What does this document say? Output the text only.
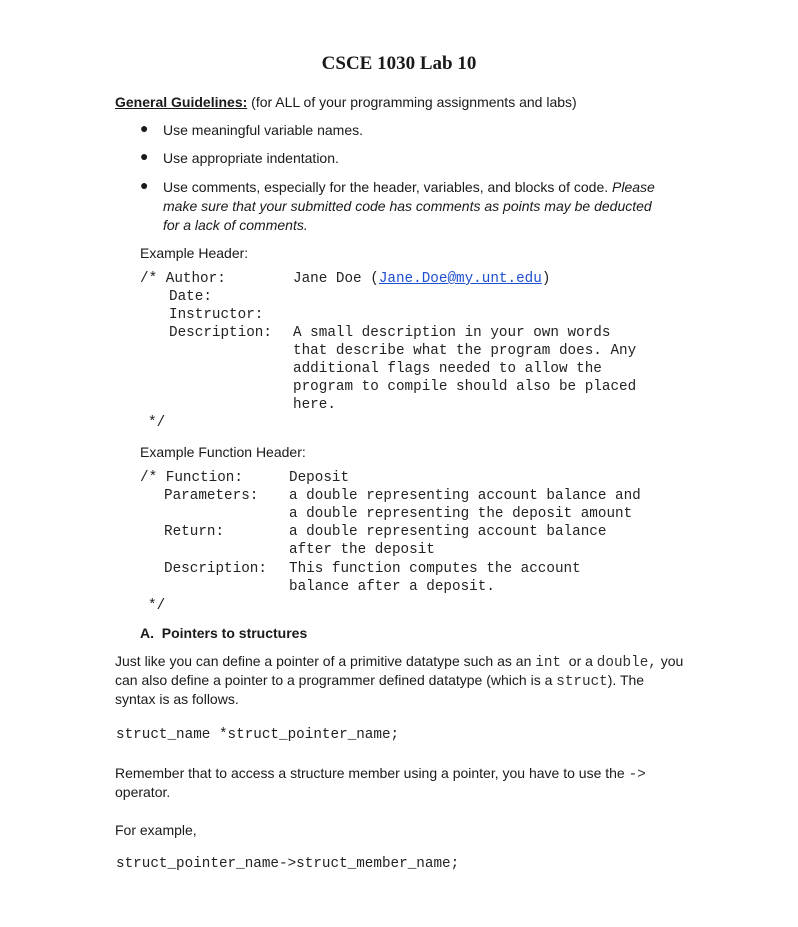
CSCE 1030 Lab 10
General Guidelines: (for ALL of your programming assignments and labs)
● Use meaningful variable names.
● Use appropriate indentation.
● Use comments, especially for the header, variables, and blocks of code. Please
make sure that your submitted code has comments as points may be deducted
for a lack of comments.
Example Header:
/* Author:	Jane Doe (Jane.Doe@my.unt.edu)
Date:
Instructor:
Description: A small description in your own words
that describe what the program does. Any
additional flags needed to allow the
program to compile should also be placed
here.
*/
Example Function Header:
/* Function:	Deposit
Parameters: a double representing account balance and
a double representing the deposit amount
Return:	a double representing account balance
after the deposit
Description: This function computes the account
balance after a deposit.
*/
A.  Pointers to structures
Just like you can define a pointer of a primitive datatype such as an int or a double, you
can also define a pointer to a programmer defined datatype (which is a struct). The
syntax is as follows.
struct_name *struct_pointer_name;
Remember that to access a structure member using a pointer, you have to use the ->
operator.
For example,
struct_pointer_name->struct_member_name;
